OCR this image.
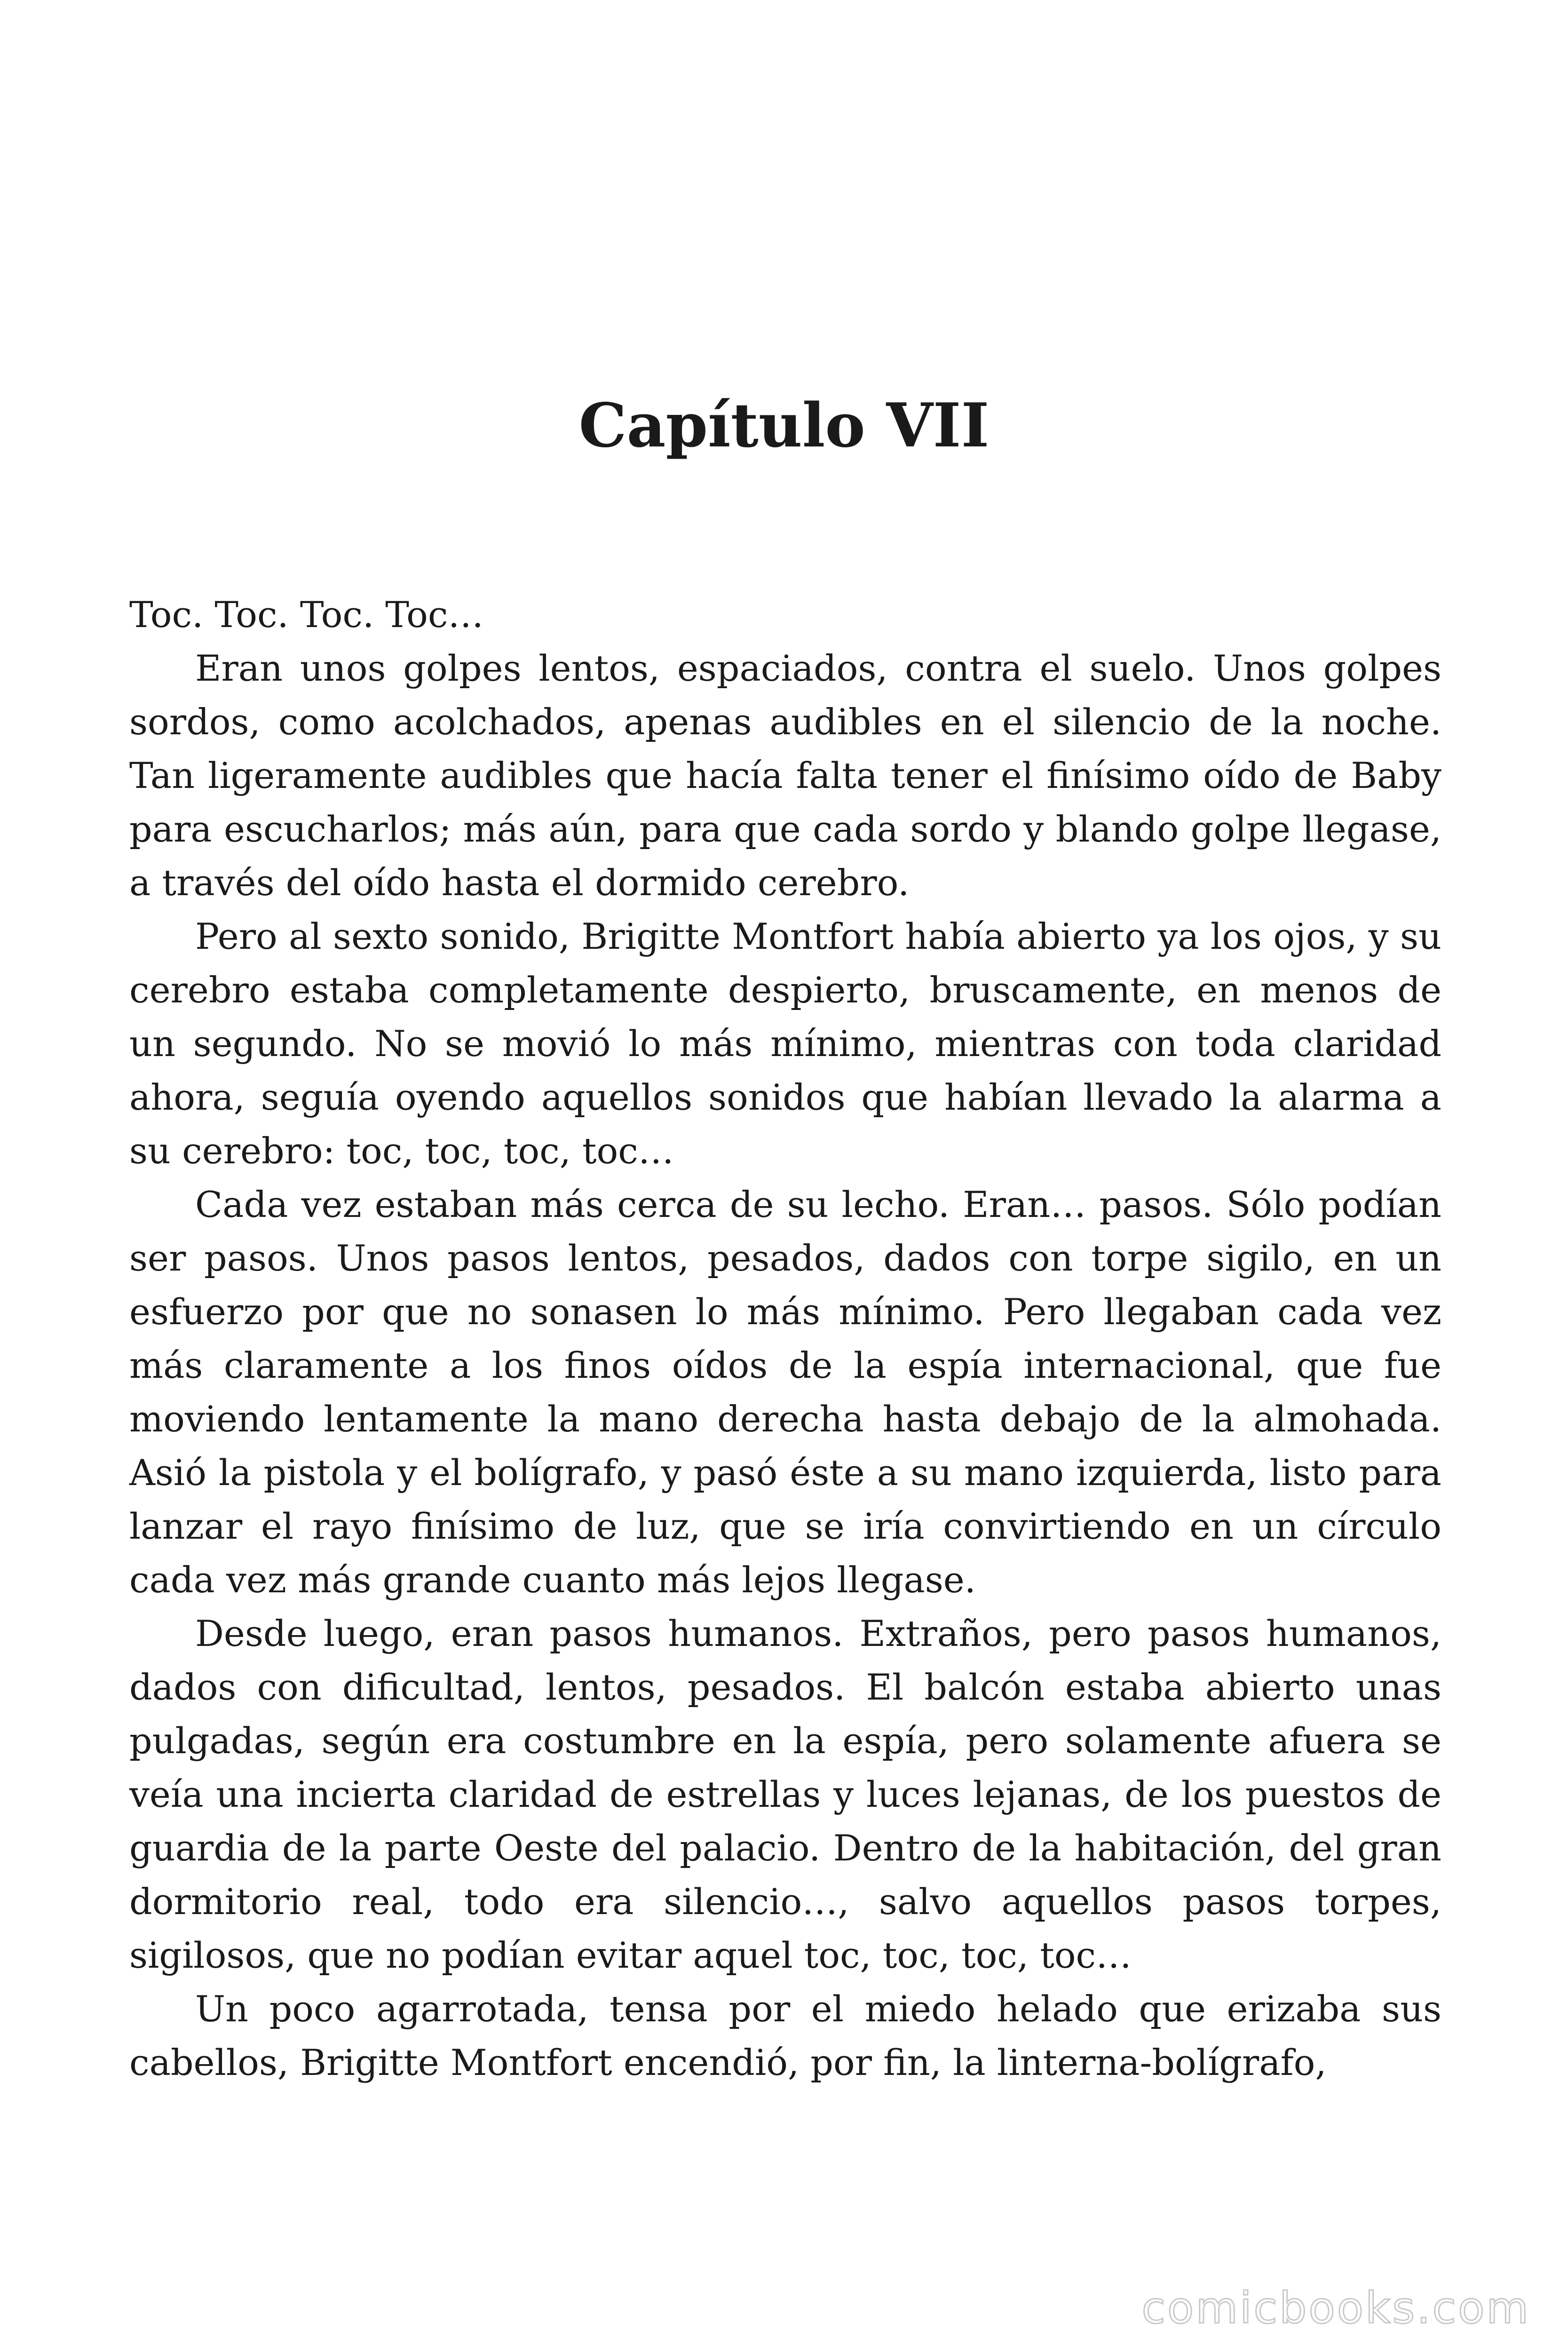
Capítulo VII

Toc. Toc. Toc. Toc…

Eran unos golpes lentos, espaciados, contra el suelo. Unos golpes sordos, como acolchados, apenas audibles en el silencio de la noche. Tan ligeramente audibles que hacía falta tener el finísimo oído de Baby para escucharlos; más aún, para que cada sordo y blando golpe llegase, a través del oído hasta el dormido cerebro.

Pero al sexto sonido, Brigitte Montfort había abierto ya los ojos, y su cerebro estaba completamente despierto, bruscamente, en menos de un segundo. No se movió lo más mínimo, mientras con toda claridad ahora, seguía oyendo aquellos sonidos que habían llevado la alarma a su cerebro: toc, toc, toc, toc…

Cada vez estaban más cerca de su lecho. Eran… pasos. Sólo podían ser pasos. Unos pasos lentos, pesados, dados con torpe sigilo, en un esfuerzo por que no sonasen lo más mínimo. Pero llegaban cada vez más claramente a los finos oídos de la espía internacional, que fue moviendo lentamente la mano derecha hasta debajo de la almohada. Asió la pistola y el bolígrafo, y pasó éste a su mano izquierda, listo para lanzar el rayo finísimo de luz, que se iría convirtiendo en un círculo cada vez más grande cuanto más lejos llegase.

Desde luego, eran pasos humanos. Extraños, pero pasos humanos, dados con dificultad, lentos, pesados. El balcón estaba abierto unas pulgadas, según era costumbre en la espía, pero solamente afuera se veía una incierta claridad de estrellas y luces lejanas, de los puestos de guardia de la parte Oeste del palacio. Dentro de la habitación, del gran dormitorio real, todo era silencio…, salvo aquellos pasos torpes, sigilosos, que no podían evitar aquel toc, toc, toc, toc…

Un poco agarrotada, tensa por el miedo helado que erizaba sus cabellos, Brigitte Montfort encendió, por fin, la linterna-bolígrafo,

comicbooks.com
